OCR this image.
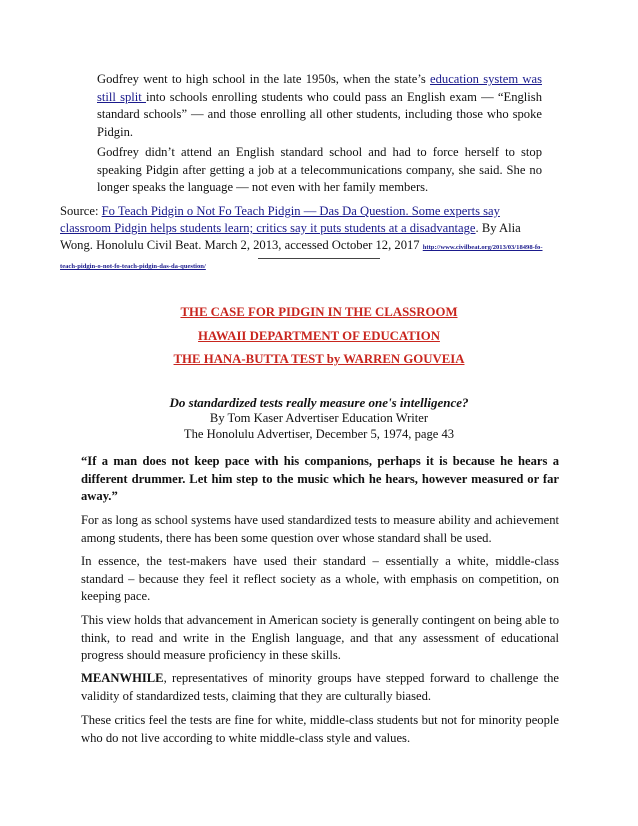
Godfrey went to high school in the late 1950s, when the state’s education system was still split into schools enrolling students who could pass an English exam — “English standard schools” — and those enrolling all other students, including those who spoke Pidgin.

Godfrey didn’t attend an English standard school and had to force herself to stop speaking Pidgin after getting a job at a telecommunications company, she said. She no longer speaks the language — not even with her family members.

Source: Fo Teach Pidgin o Not Fo Teach Pidgin — Das Da Question. Some experts say classroom Pidgin helps students learn; critics say it puts students at a disadvantage. By Alia Wong. Honolulu Civil Beat. March 2, 2013, accessed October 12, 2017 http://www.civilbeat.org/2013/03/18498-fo-teach-pidgin-o-not-fo-teach-pidgin-das-da-question/

THE CASE FOR PIDGIN IN THE CLASSROOM
HAWAII DEPARTMENT OF EDUCATION
THE HANA-BUTTA TEST by WARREN GOUVEIA
Do standardized tests really measure one's intelligence?
By Tom Kaser Advertiser Education Writer
The Honolulu Advertiser, December 5, 1974, page 43

“If a man does not keep pace with his companions, perhaps it is because he hears a different drummer. Let him step to the music which he hears, however measured or far away.”

For as long as school systems have used standardized tests to measure ability and achievement among students, there has been some question over whose standard shall be used.

In essence, the test-makers have used their standard – essentially a white, middle-class standard – because they feel it reflect society as a whole, with emphasis on competition, on keeping pace.

This view holds that advancement in American society is generally contingent on being able to think, to read and write in the English language, and that any assessment of educational progress should measure proficiency in these skills.

MEANWHILE, representatives of minority groups have stepped forward to challenge the validity of standardized tests, claiming that they are culturally biased.

These critics feel the tests are fine for white, middle-class students but not for minority people who do not live according to white middle-class style and values.
